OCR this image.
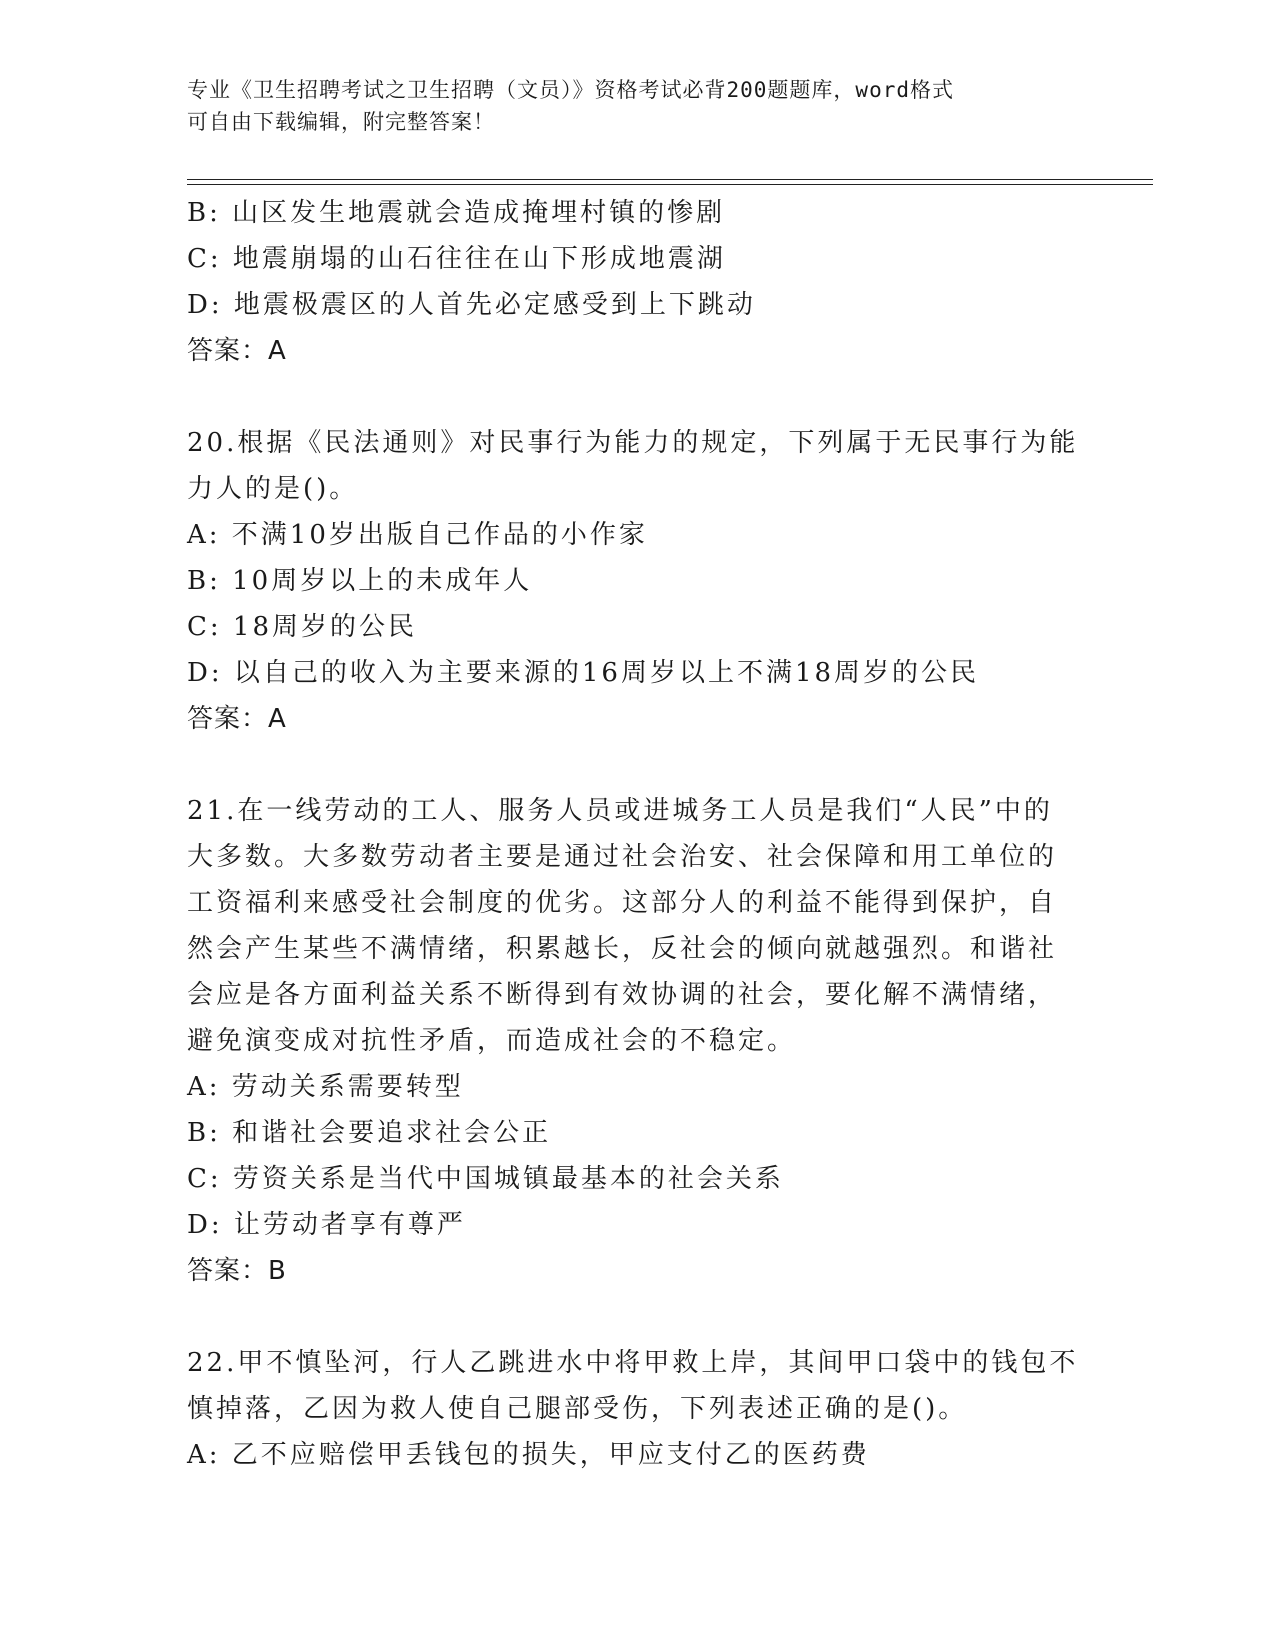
专业《卫生招聘考试之卫生招聘（文员）》资格考试必背200题题库，word格式
可自由下载编辑，附完整答案！
B: 山区发生地震就会造成掩埋村镇的惨剧
C: 地震崩塌的山石往往在山下形成地震湖
D: 地震极震区的人首先必定感受到上下跳动
答案：A
20.根据《民法通则》对民事行为能力的规定，下列属于无民事行为能
力人的是()。
A: 不满10岁出版自己作品的小作家
B: 10周岁以上的未成年人
C: 18周岁的公民
D: 以自己的收入为主要来源的16周岁以上不满18周岁的公民
答案：A
21.在一线劳动的工人、服务人员或进城务工人员是我们“人民”中的
大多数。大多数劳动者主要是通过社会治安、社会保障和用工单位的
工资福利来感受社会制度的优劣。这部分人的利益不能得到保护，自
然会产生某些不满情绪，积累越长，反社会的倾向就越强烈。和谐社
会应是各方面利益关系不断得到有效协调的社会，要化解不满情绪，
避免演变成对抗性矛盾，而造成社会的不稳定。
A: 劳动关系需要转型
B: 和谐社会要追求社会公正
C: 劳资关系是当代中国城镇最基本的社会关系
D: 让劳动者享有尊严
答案：B
22.甲不慎坠河，行人乙跳进水中将甲救上岸，其间甲口袋中的钱包不
慎掉落，乙因为救人使自己腿部受伤，下列表述正确的是()。
A: 乙不应赔偿甲丢钱包的损失，甲应支付乙的医药费
